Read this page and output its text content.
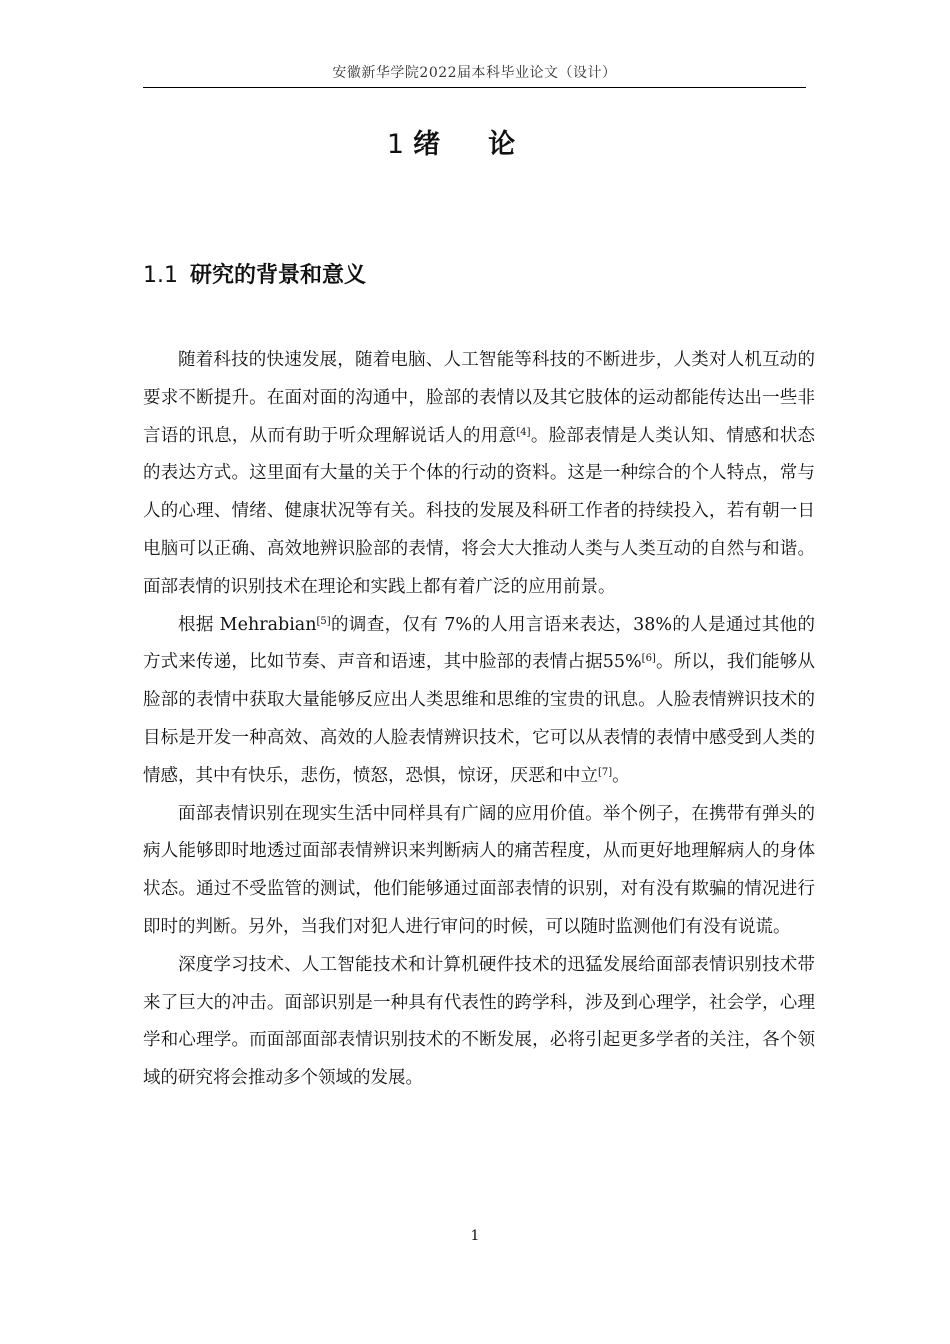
安徽新华学院2022届本科毕业论文（设计）
1 绪论
1.1 研究的背景和意义

随着科技的快速发展，随着电脑、人工智能等科技的不断进步，人类对人机互动的要求不断提升。在面对面的沟通中，脸部的表情以及其它肢体的运动都能传达出一些非言语的讯息，从而有助于听众理解说话人的用意[4]。脸部表情是人类认知、情感和状态的表达方式。这里面有大量的关于个体的行动的资料。这是一种综合的个人特点，常与人的心理、情绪、健康状况等有关。科技的发展及科研工作者的持续投入，若有朝一日电脑可以正确、高效地辨识脸部的表情，将会大大推动人类与人类互动的自然与和谐。面部表情的识别技术在理论和实践上都有着广泛的应用前景。

根据 Mehrabian[5]的调查，仅有 7%的人用言语来表达，38%的人是通过其他的方式来传递，比如节奏、声音和语速，其中脸部的表情占据55%[6]。所以，我们能够从脸部的表情中获取大量能够反应出人类思维和思维的宝贵的讯息。人脸表情辨识技术的目标是开发一种高效、高效的人脸表情辨识技术，它可以从表情的表情中感受到人类的情感，其中有快乐，悲伤，愤怒，恐惧，惊讶，厌恶和中立[7]。

面部表情识别在现实生活中同样具有广阔的应用价值。举个例子，在携带有弹头的病人能够即时地透过面部表情辨识来判断病人的痛苦程度，从而更好地理解病人的身体状态。通过不受监管的测试，他们能够通过面部表情的识别，对有没有欺骗的情况进行即时的判断。另外，当我们对犯人进行审问的时候，可以随时监测他们有没有说谎。

深度学习技术、人工智能技术和计算机硬件技术的迅猛发展给面部表情识别技术带来了巨大的冲击。面部识别是一种具有代表性的跨学科，涉及到心理学，社会学，心理学和心理学。而面部面部表情识别技术的不断发展，必将引起更多学者的关注，各个领域的研究将会推动多个领域的发展。

1
